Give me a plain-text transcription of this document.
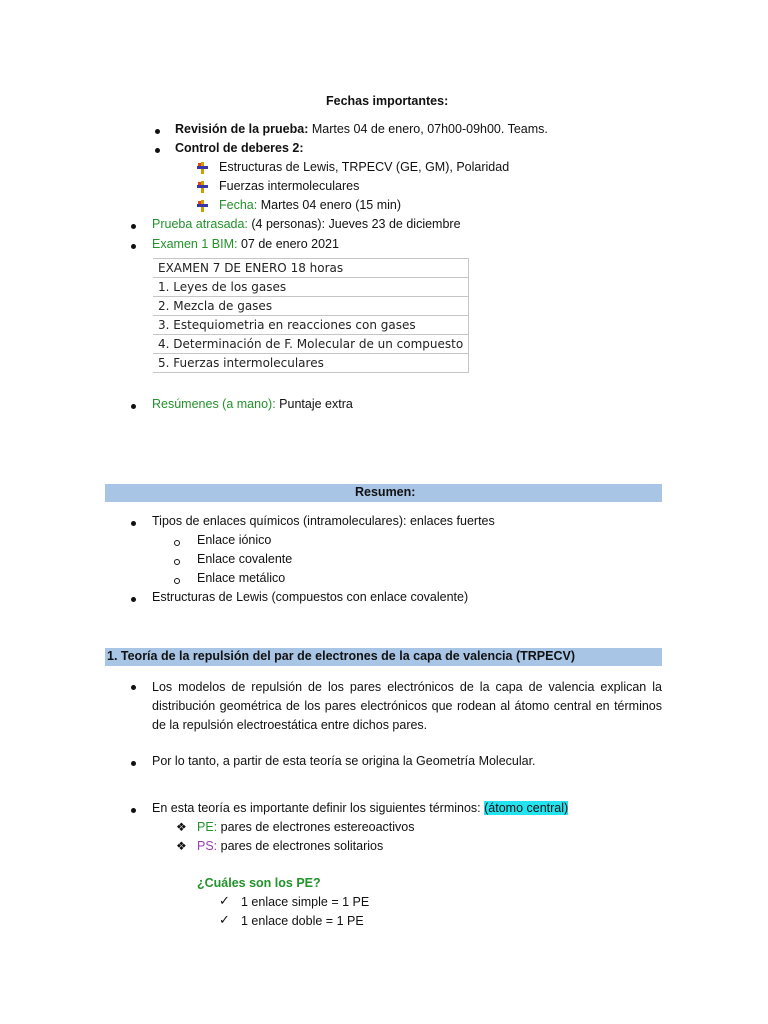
Fechas importantes:
Revisión de la prueba: Martes 04 de enero, 07h00-09h00. Teams.
Control de deberes 2:
Estructuras de Lewis, TRPECV (GE, GM), Polaridad
Fuerzas intermoleculares
Fecha: Martes 04 enero (15 min)
Prueba atrasada: (4 personas): Jueves 23 de diciembre
Examen 1 BIM: 07 de enero 2021
EXAMEN 7 DE ENERO 18 horas
1. Leyes de los gases
2. Mezcla de gases
3. Estequiometria en reacciones con gases
4. Determinación de F. Molecular de un compuesto
5. Fuerzas intermoleculares
Resúmenes (a mano): Puntaje extra
Resumen:
Tipos de enlaces químicos (intramoleculares): enlaces fuertes
Enlace iónico
Enlace covalente
Enlace metálico
Estructuras de Lewis (compuestos con enlace covalente)
1. Teoría de la repulsión del par de electrones de la capa de valencia (TRPECV)
Los modelos de repulsión de los pares electrónicos de la capa de valencia explican la
distribución geométrica de los pares electrónicos que rodean al átomo central en términos
de la repulsión electroestática entre dichos pares.
Por lo tanto, a partir de esta teoría se origina la Geometría Molecular.
En esta teoría es importante definir los siguientes términos: (átomo central)
❖ PE: pares de electrones estereoactivos
❖ PS: pares de electrones solitarios
¿Cuáles son los PE?
✓ 1 enlace simple = 1 PE
✓ 1 enlace doble = 1 PE
